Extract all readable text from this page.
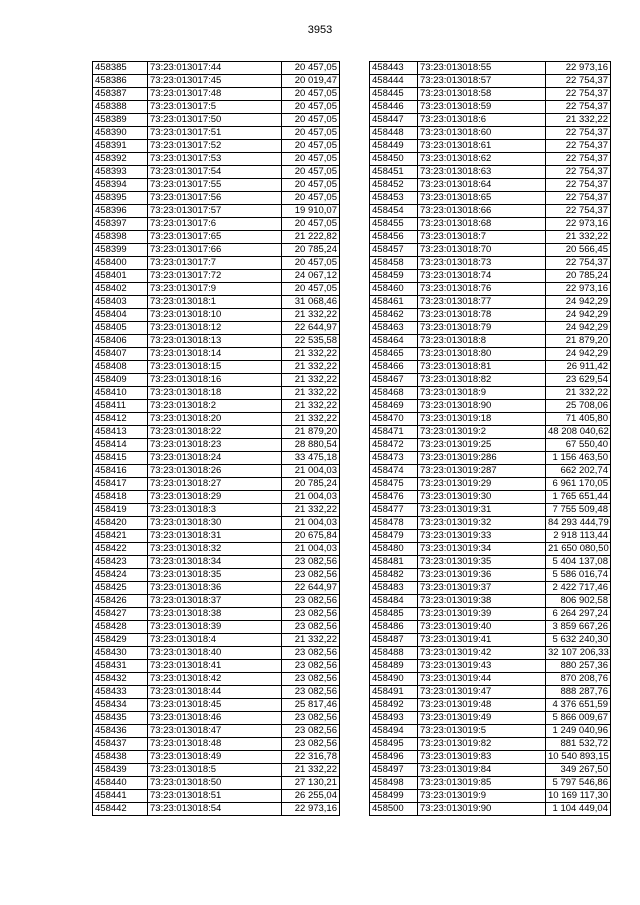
3953
458385	73:23:013017:44	20 457,05
458386	73:23:013017:45	20 019,47
458387	73:23:013017:48	20 457,05
458388	73:23:013017:5	20 457,05
458389	73:23:013017:50	20 457,05
458390	73:23:013017:51	20 457,05
458391	73:23:013017:52	20 457,05
458392	73:23:013017:53	20 457,05
458393	73:23:013017:54	20 457,05
458394	73:23:013017:55	20 457,05
458395	73:23:013017:56	20 457,05
458396	73:23:013017:57	19 910,07
458397	73:23:013017:6	20 457,05
458398	73:23:013017:65	21 222,82
458399	73:23:013017:66	20 785,24
458400	73:23:013017:7	20 457,05
458401	73:23:013017:72	24 067,12
458402	73:23:013017:9	20 457,05
458403	73:23:013018:1	31 068,46
458404	73:23:013018:10	21 332,22
458405	73:23:013018:12	22 644,97
458406	73:23:013018:13	22 535,58
458407	73:23:013018:14	21 332,22
458408	73:23:013018:15	21 332,22
458409	73:23:013018:16	21 332,22
458410	73:23:013018:18	21 332,22
458411	73:23:013018:2	21 332,22
458412	73:23:013018:20	21 332,22
458413	73:23:013018:22	21 879,20
458414	73:23:013018:23	28 880,54
458415	73:23:013018:24	33 475,18
458416	73:23:013018:26	21 004,03
458417	73:23:013018:27	20 785,24
458418	73:23:013018:29	21 004,03
458419	73:23:013018:3	21 332,22
458420	73:23:013018:30	21 004,03
458421	73:23:013018:31	20 675,84
458422	73:23:013018:32	21 004,03
458423	73:23:013018:34	23 082,56
458424	73:23:013018:35	23 082,56
458425	73:23:013018:36	22 644,97
458426	73:23:013018:37	23 082,56
458427	73:23:013018:38	23 082,56
458428	73:23:013018:39	23 082,56
458429	73:23:013018:4	21 332,22
458430	73:23:013018:40	23 082,56
458431	73:23:013018:41	23 082,56
458432	73:23:013018:42	23 082,56
458433	73:23:013018:44	23 082,56
458434	73:23:013018:45	25 817,46
458435	73:23:013018:46	23 082,56
458436	73:23:013018:47	23 082,56
458437	73:23:013018:48	23 082,56
458438	73:23:013018:49	22 316,78
458439	73:23:013018:5	21 332,22
458440	73:23:013018:50	27 130,21
458441	73:23:013018:51	26 255,04
458442	73:23:013018:54	22 973,16
458443	73:23:013018:55	22 973,16
458444	73:23:013018:57	22 754,37
458445	73:23:013018:58	22 754,37
458446	73:23:013018:59	22 754,37
458447	73:23:013018:6	21 332,22
458448	73:23:013018:60	22 754,37
458449	73:23:013018:61	22 754,37
458450	73:23:013018:62	22 754,37
458451	73:23:013018:63	22 754,37
458452	73:23:013018:64	22 754,37
458453	73:23:013018:65	22 754,37
458454	73:23:013018:66	22 754,37
458455	73:23:013018:68	22 973,16
458456	73:23:013018:7	21 332,22
458457	73:23:013018:70	20 566,45
458458	73:23:013018:73	22 754,37
458459	73:23:013018:74	20 785,24
458460	73:23:013018:76	22 973,16
458461	73:23:013018:77	24 942,29
458462	73:23:013018:78	24 942,29
458463	73:23:013018:79	24 942,29
458464	73:23:013018:8	21 879,20
458465	73:23:013018:80	24 942,29
458466	73:23:013018:81	26 911,42
458467	73:23:013018:82	23 629,54
458468	73:23:013018:9	21 332,22
458469	73:23:013018:90	25 708,06
458470	73:23:013019:18	71 405,80
458471	73:23:013019:2	48 208 040,62
458472	73:23:013019:25	67 550,40
458473	73:23:013019:286	1 156 463,50
458474	73:23:013019:287	662 202,74
458475	73:23:013019:29	6 961 170,05
458476	73:23:013019:30	1 765 651,44
458477	73:23:013019:31	7 755 509,48
458478	73:23:013019:32	84 293 444,79
458479	73:23:013019:33	2 918 113,44
458480	73:23:013019:34	21 650 080,50
458481	73:23:013019:35	5 404 137,08
458482	73:23:013019:36	5 586 016,74
458483	73:23:013019:37	2 422 717,46
458484	73:23:013019:38	806 902,58
458485	73:23:013019:39	6 264 297,24
458486	73:23:013019:40	3 859 667,26
458487	73:23:013019:41	5 632 240,30
458488	73:23:013019:42	32 107 206,33
458489	73:23:013019:43	880 257,36
458490	73:23:013019:44	870 208,76
458491	73:23:013019:47	888 287,76
458492	73:23:013019:48	4 376 651,59
458493	73:23:013019:49	5 866 009,67
458494	73:23:013019:5	1 249 040,96
458495	73:23:013019:82	881 532,72
458496	73:23:013019:83	10 540 893,15
458497	73:23:013019:84	349 267,50
458498	73:23:013019:85	5 797 546,86
458499	73:23:013019:9	10 169 117,30
458500	73:23:013019:90	1 104 449,04
